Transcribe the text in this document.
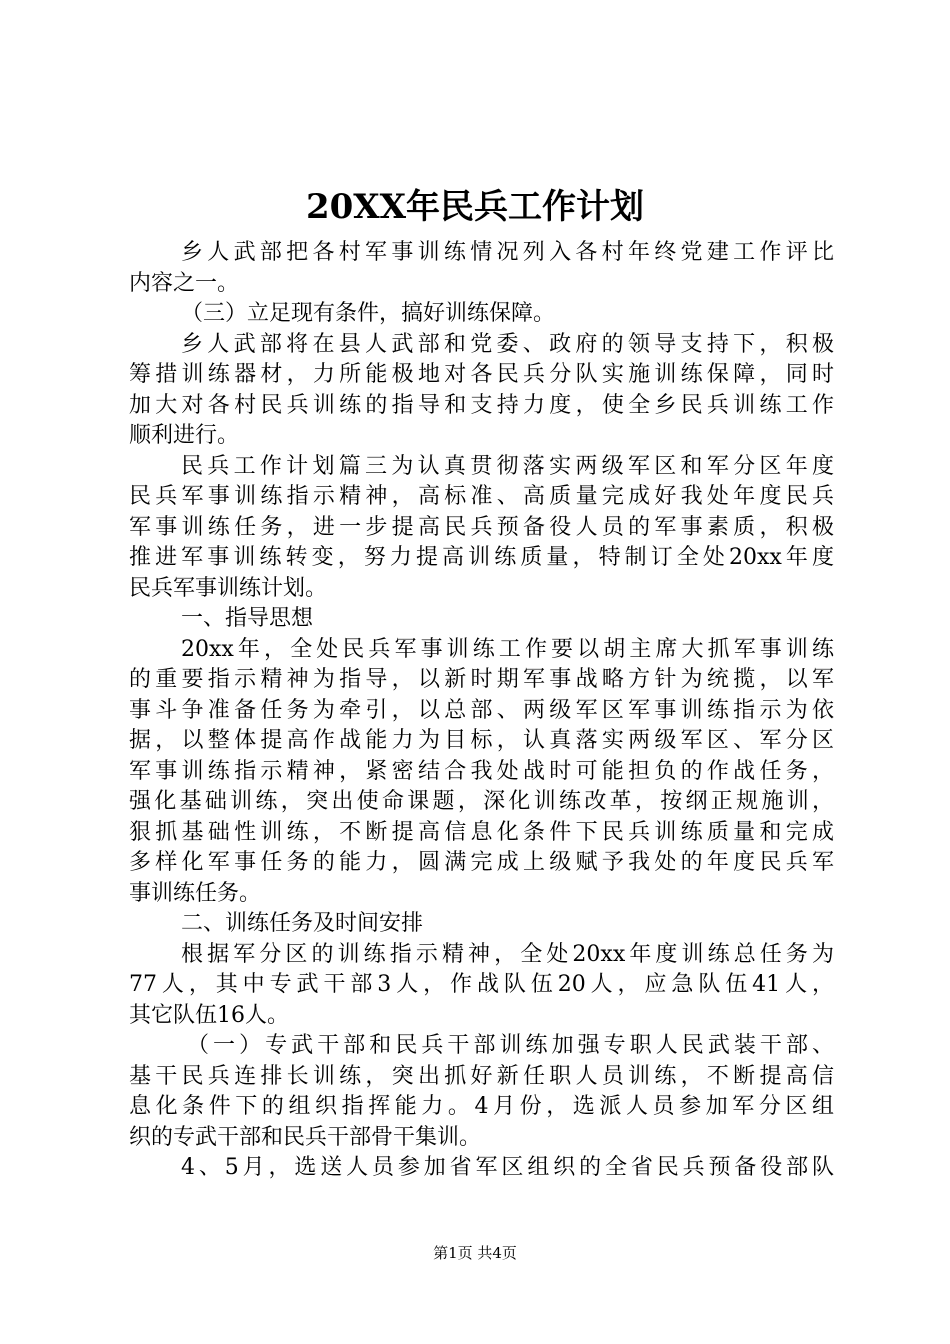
20XX年民兵工作计划
乡人武部把各村军事训练情况列入各村年终党建工作评比
内容之一。
（三）立足现有条件，搞好训练保障。
乡人武部将在县人武部和党委、政府的领导支持下，积极
筹措训练器材，力所能极地对各民兵分队实施训练保障，同时
加大对各村民兵训练的指导和支持力度，使全乡民兵训练工作
顺利进行。
民兵工作计划篇三为认真贯彻落实两级军区和军分区年度
民兵军事训练指示精神，高标准、高质量完成好我处年度民兵
军事训练任务，进一步提高民兵预备役人员的军事素质，积极
推进军事训练转变，努力提高训练质量，特制订全处20xx年度
民兵军事训练计划。
一、指导思想
20xx年，全处民兵军事训练工作要以胡主席大抓军事训练
的重要指示精神为指导，以新时期军事战略方针为统揽，以军
事斗争准备任务为牵引，以总部、两级军区军事训练指示为依
据，以整体提高作战能力为目标，认真落实两级军区、军分区
军事训练指示精神，紧密结合我处战时可能担负的作战任务，
强化基础训练，突出使命课题，深化训练改革，按纲正规施训，
狠抓基础性训练，不断提高信息化条件下民兵训练质量和完成
多样化军事任务的能力，圆满完成上级赋予我处的年度民兵军
事训练任务。
二、训练任务及时间安排
根据军分区的训练指示精神，全处20xx年度训练总任务为
77人，其中专武干部3人，作战队伍20人，应急队伍41人，
其它队伍16人。
（一）专武干部和民兵干部训练加强专职人民武装干部、
基干民兵连排长训练，突出抓好新任职人员训练，不断提高信
息化条件下的组织指挥能力。4月份，选派人员参加军分区组
织的专武干部和民兵干部骨干集训。
4、5月，选送人员参加省军区组织的全省民兵预备役部队
第1页 共4页
